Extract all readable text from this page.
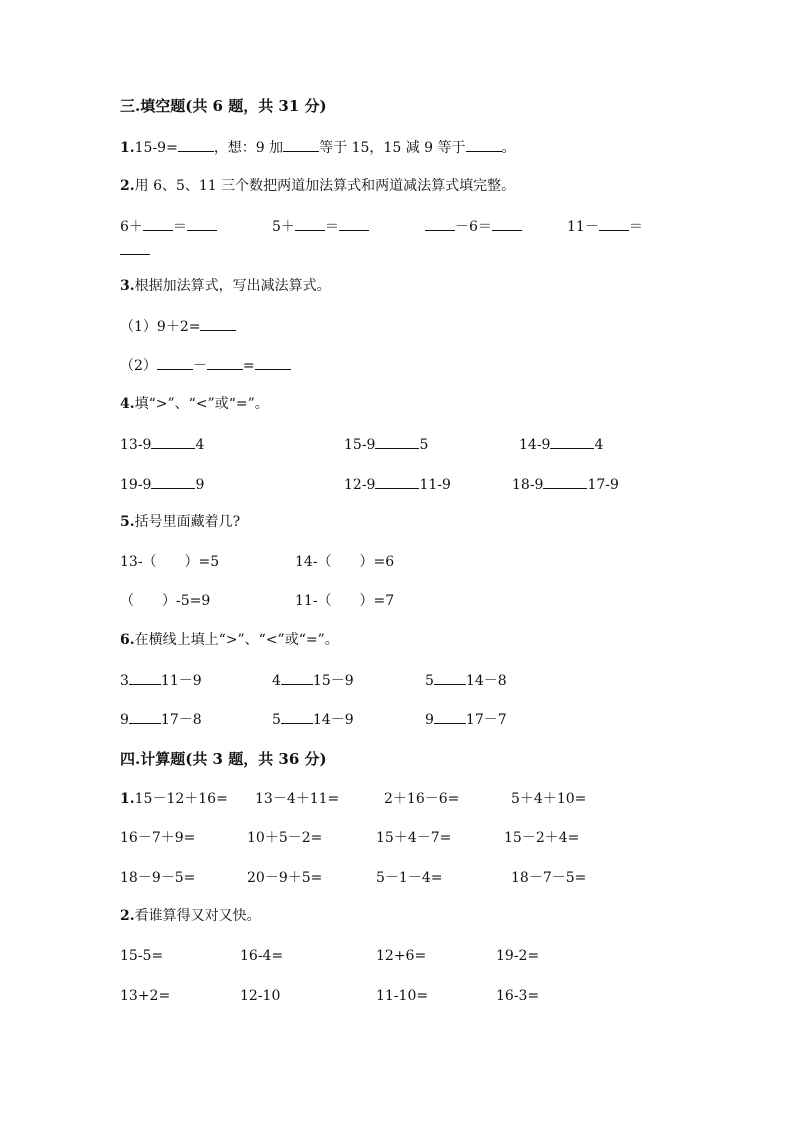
三.填空题(共 6 题，共 31 分)
1.15-9=	，想：9 加	等于 15，15 减 9 等于	。
2.用 6、5、11 三个数把两道加法算式和两道减法算式填完整。
6＋ ＝	5＋ ＝	－6＝	11－ ＝
3.根据加法算式，写出减法算式。
（1）9＋2=
（2）	－	=
4.填“>”、“<”或“=”。
13-9	4	15-9	5	14-9	4
19-9	9	12-9	11-9	18-9	17-9
5.括号里面藏着几?
13-（　　）=5	14-（　　）=6
（　　）-5=9	11-（　　）=7
6.在横线上填上“>”、“<”或“=”。
3 11－9	4 15－9	5 14－8
9 17－8	5 14－9	9 17－7
四.计算题(共 3 题，共 36 分)
1.15－12＋16= 13－4＋11=	2＋16－6=	5＋4＋10=
16－7＋9=	10＋5－2=	15＋4－7=	15－2＋4=
18－9－5=	20－9＋5=	5－1－4=	18－7－5=
2.看谁算得又对又快。
15-5=	16-4=	12+6=	19-2=
13+2=	12-10	11-10=	16-3=
